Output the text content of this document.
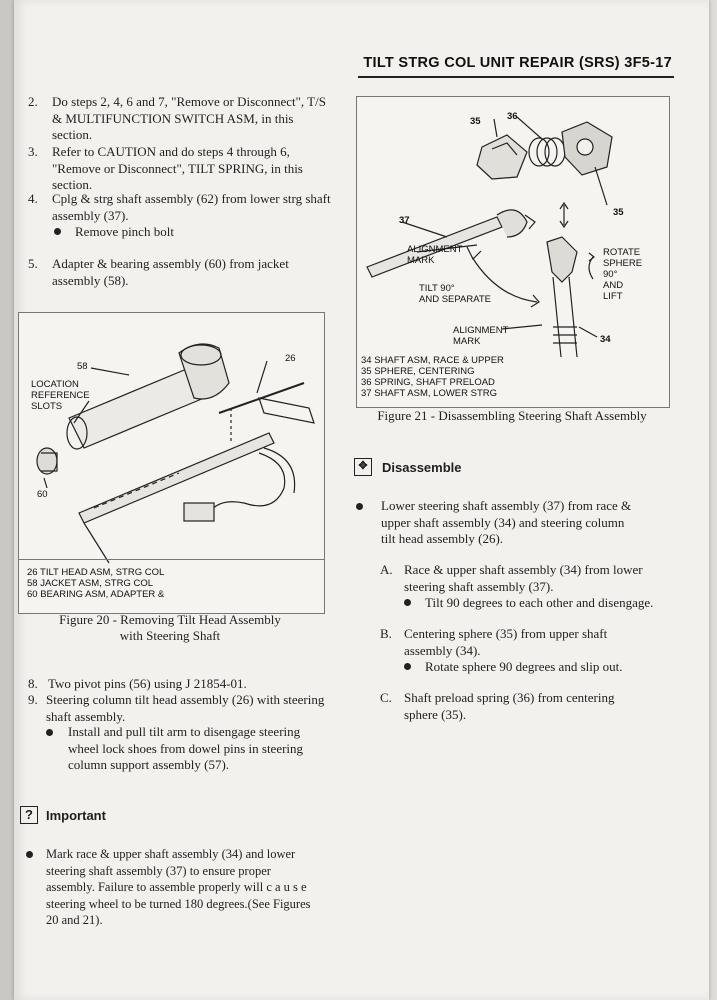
TILT STRG COL UNIT REPAIR (SRS) 3F5-17
2.	Do steps 2, 4, 6 and 7, "Remove or Disconnect", T/S
& MULTIFUNCTION SWITCH ASM, in this
section.
3.	Refer to CAUTION and do steps 4 through 6,
"Remove or Disconnect", TILT SPRING, in this
section.
4.	Cplg & strg shaft assembly (62) from lower strg shaft
assembly (37).
Remove pinch bolt
5.	Adapter & bearing assembly (60) from jacket
assembly (58).
58
26
60
LOCATION
REFERENCE
SLOTS
26 TILT HEAD ASM, STRG COL
58 JACKET ASM, STRG COL
60 BEARING ASM, ADAPTER &
Figure 20 - Removing Tilt Head Assembly
with Steering Shaft
8. Two pivot pins (56) using J 21854-01.
9. Steering column tilt head assembly (26) with steering
shaft assembly.
Install and pull tilt arm to disengage steering
wheel lock shoes from dowel pins in steering
column support assembly (57).
?	Important
Mark race & upper shaft assembly (34) and lower
steering shaft assembly (37) to ensure proper
assembly. Failure to assemble properly will c a u s e
steering wheel to be turned 180 degrees.(See Figures
20 and 21).
35	36
37
35
34
ALIGNMENT
MARK
TILT 90°
AND SEPARATE
ALIGNMENT
MARK
ROTATE
SPHERE
90°
AND
LIFT
34 SHAFT ASM, RACE & UPPER
35 SPHERE, CENTERING
36 SPRING, SHAFT PRELOAD
37 SHAFT ASM, LOWER STRG
Figure 21 - Disassembling Steering Shaft Assembly
✥	Disassemble
Lower steering shaft assembly (37) from race &
upper shaft assembly (34) and steering column
tilt head assembly (26).
A. Race & upper shaft assembly (34) from lower
steering shaft assembly (37).
Tilt 90 degrees to each other and disengage.
B. Centering sphere (35) from upper shaft
assembly (34).
Rotate sphere 90 degrees and slip out.
C. Shaft preload spring (36) from centering
sphere (35).
